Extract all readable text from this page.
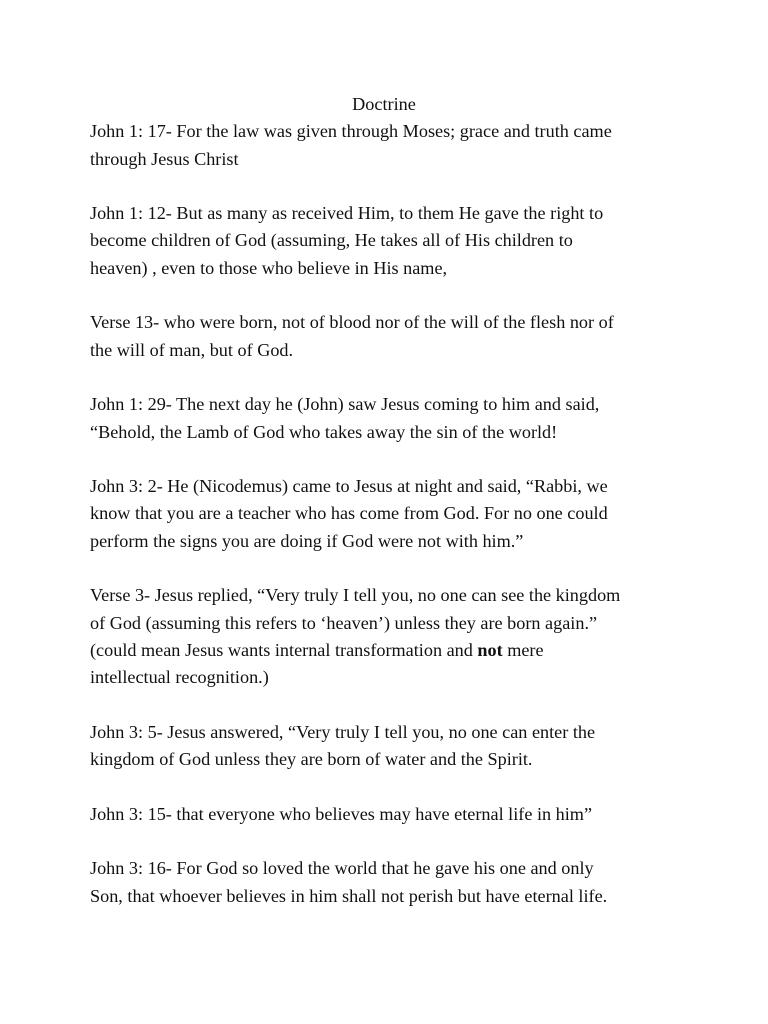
Doctrine

John 1: 17- For the law was given through Moses; grace and truth came
through Jesus Christ

John 1: 12- But as many as received Him, to them He gave the right to
become children of God (assuming, He takes all of His children to
heaven) , even to those who believe in His name,

Verse 13- who were born, not of blood nor of the will of the flesh nor of
the will of man, but of God.

John 1: 29- The next day he (John) saw Jesus coming to him and said,
“Behold, the Lamb of God who takes away the sin of the world!

John 3: 2- He (Nicodemus) came to Jesus at night and said, “Rabbi, we
know that you are a teacher who has come from God. For no one could
perform the signs you are doing if God were not with him.”

Verse 3- Jesus replied, “Very truly I tell you, no one can see the kingdom
of God (assuming this refers to ‘heaven’) unless they are born again.”
(could mean Jesus wants internal transformation and not mere
intellectual recognition.)

John 3: 5- Jesus answered, “Very truly I tell you, no one can enter the
kingdom of God unless they are born of water and the Spirit.

John 3: 15- that everyone who believes may have eternal life in him”

John 3: 16- For God so loved the world that he gave his one and only
Son, that whoever believes in him shall not perish but have eternal life.
